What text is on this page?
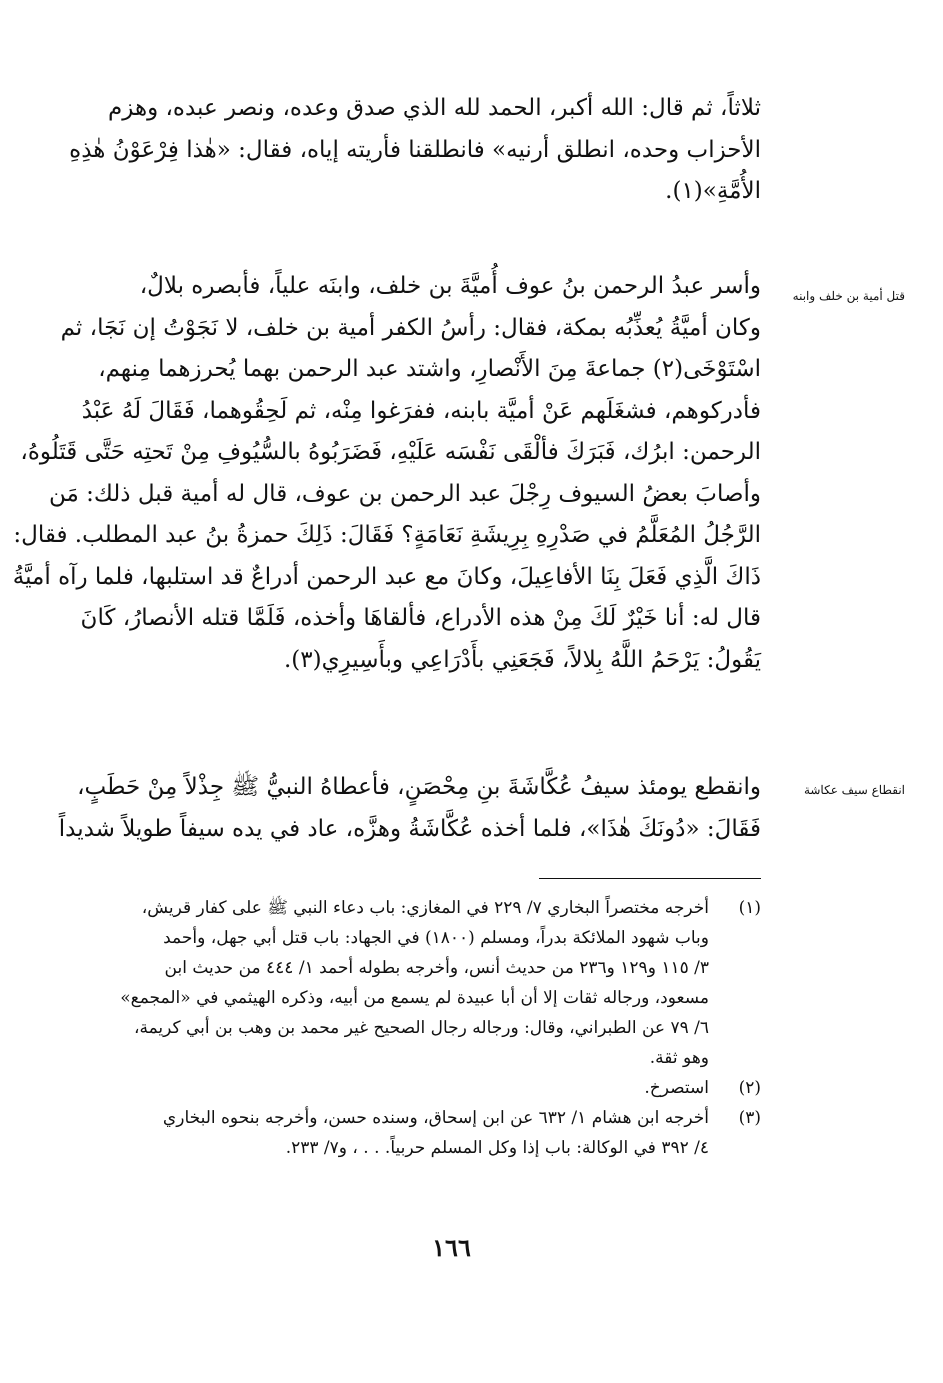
ثلاثاً، ثم قال: الله أكبر، الحمد لله الذي صدق وعده، ونصر عبده، وهزم
الأحزاب وحده، انطلق أرنيه» فانطلقنا فأريته إياه، فقال: «هٰذا فِرْعَوْنُ هٰذِهِ
الأُمَّةِ»(١).
قتل أمية بن خلف وابنه
وأسر عبدُ الرحمن بنُ عوف أُميَّةَ بن خلف، وابنَه علياً، فأبصره بلالٌ،
وكان أميَّةُ يُعذِّبُه بمكة، فقال: رأسُ الكفر أمية بن خلف، لا نَجَوْتُ إن نَجَا، ثم
اسْتَوْخَى(٢) جماعةَ مِنَ الأَنْصارِ، واشتد عبد الرحمن بهما يُحرزهما مِنهم،
فأدركوهم، فشغَلَهم عَنْ أميَّة بابنه، ففرَغوا مِنْه، ثم لَحِقُوهما، فَقَالَ لَهُ عَبْدُ
الرحمن: ابرُك، فَبَرَكَ فألْقَى نَفْسَه عَلَيْهِ، فَضَرَبُوهُ بالسُّيُوفِ مِنْ تَحتِه حَتَّى قَتَلُوهُ،
وأصابَ بعضُ السيوف رِجْلَ عبد الرحمن بن عوف، قال له أمية قبل ذلك: مَن
الرَّجُلُ المُعَلَّمُ في صَدْرِهِ بِرِيشَةِ نَعَامَةٍ؟ فَقَالَ: ذَلِكَ حمزةُ بنُ عبد المطلب. فقال:
ذَاكَ الَّذِي فَعَلَ بِنَا الأفاعِيلَ، وكانَ مع عبد الرحمن أدراعٌ قد استلبها، فلما رآه أميَّةُ
قال له: أنا خَيْرٌ لَكَ مِنْ هذه الأدراع، فألقاهَا وأخذه، فَلَمَّا قتله الأنصارُ، كَانَ
يَقُولُ: يَرْحَمُ اللَّهُ بِلالاً، فَجَعَنِي بأَدْرَاعِي وبأَسِيرِي(٣).
انقطاع سيف عكاشة
وانقطع يومئذ سيفُ عُكَّاشَةَ بنِ مِحْصَنٍ، فأعطاهُ النبيُّ ﷺ جِذْلاً مِنْ حَطَبٍ،
فَقَالَ: «دُونَكَ هٰذَا»، فلما أخذه عُكَّاشَةُ وهزَّه، عاد في يده سيفاً طويلاً شديداً
(١)
أخرجه مختصراً البخاري ٧/ ٢٢٩ في المغازي: باب دعاء النبي ﷺ على كفار قريش،
وباب شهود الملائكة بدراً، ومسلم (١٨٠٠) في الجهاد: باب قتل أبي جهل، وأحمد
٣/ ١١٥ و١٢٩ و٢٣٦ من حديث أنس، وأخرجه بطوله أحمد ١/ ٤٤٤ من حديث ابن
مسعود، ورجاله ثقات إلا أن أبا عبيدة لم يسمع من أبيه، وذكره الهيثمي في «المجمع»
٦/ ٧٩ عن الطبراني، وقال: ورجاله رجال الصحيح غير محمد بن وهب بن أبي كريمة،
وهو ثقة.
(٢)
استصرخ.
(٣)
أخرجه ابن هشام ١/ ٦٣٢ عن ابن إسحاق، وسنده حسن، وأخرجه بنحوه البخاري
٤/ ٣٩٢ في الوكالة: باب إذا وكل المسلم حربياً. . . ، و٧/ ٢٣٣.
١٦٦
